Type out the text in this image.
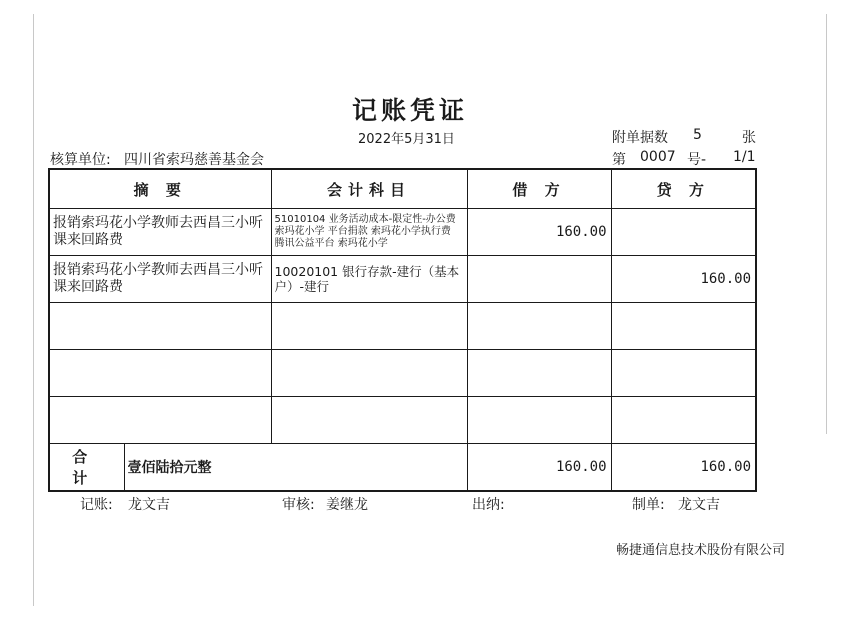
记账凭证
2022年5月31日	附单据数 5	张
核算单位: 四川省索玛慈善基金会	第 0007 号- 1/1
摘 要		会计科目	借 方	贷 方
报销索玛花小学教师去西昌三小听课来回路费		51010104 业务活动成本-限定性-办公费 索玛花小学 平台捐款 索玛花小学执行费 腾讯公益平台 索玛花小学	160.00	
报销索玛花小学教师去西昌三小听课来回路费		10020101 银行存款-建行（基本户）-建行		160.00

合 计	壹佰陆拾元整		160.00	160.00
记账: 龙文吉	审核: 姜继龙	出纳:	制单: 龙文吉
畅捷通信息技术股份有限公司
